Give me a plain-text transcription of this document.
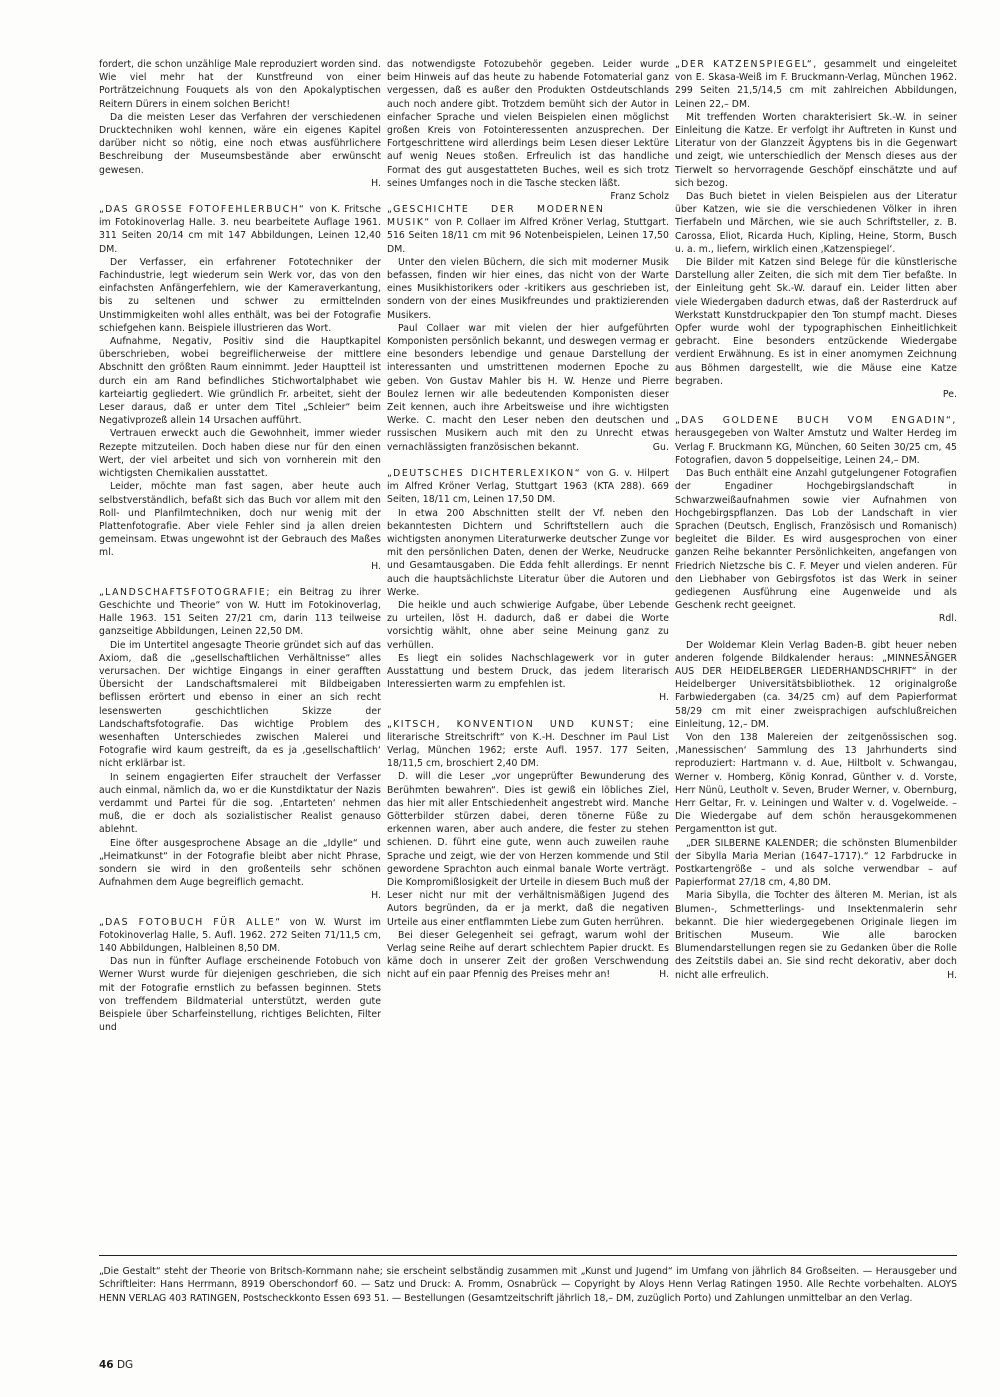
fordert, die schon unzählige Male reproduziert worden sind. Wie viel mehr hat der Kunstfreund von einer Porträtzeichnung Fouquets als von den Apokalyptischen Reitern Dürers in einem solchen Bericht!

Da die meisten Leser das Verfahren der verschiedenen Drucktechniken wohl kennen, wäre ein eigenes Kapitel darüber nicht so nötig, eine noch etwas ausführlichere Beschreibung der Museumsbestände aber erwünscht gewesen.
H.

„DAS GROSSE FOTOFEHLERBUCH“ von K. Fritsche im Fotokinoverlag Halle. 3. neu bearbeitete Auflage 1961. 311 Seiten 20/14 cm mit 147 Abbildungen, Leinen 12,40 DM.

Der Verfasser, ein erfahrener Fototechniker der Fachindustrie, legt wiederum sein Werk vor, das von den einfachsten Anfängerfehlern, wie der Kameraverkantung, bis zu seltenen und schwer zu ermittelnden Unstimmigkeiten wohl alles enthält, was bei der Fotografie schiefgehen kann. Beispiele illustrieren das Wort.

Aufnahme, Negativ, Positiv sind die Hauptkapitel überschrieben, wobei begreiflicherweise der mittlere Abschnitt den größten Raum einnimmt. Jeder Hauptteil ist durch ein am Rand befindliches Stichwortalphabet wie karteiartig gegliedert. Wie gründlich Fr. arbeitet, sieht der Leser daraus, daß er unter dem Titel „Schleier“ beim Negativprozeß allein 14 Ursachen aufführt.

Vertrauen erweckt auch die Gewohnheit, immer wieder Rezepte mitzuteilen. Doch haben diese nur für den einen Wert, der viel arbeitet und sich von vornherein mit den wichtigsten Chemikalien ausstattet.

Leider, möchte man fast sagen, aber heute auch selbstverständlich, befaßt sich das Buch vor allem mit den Roll- und Planfilmtechniken, doch nur wenig mit der Plattenfotografie. Aber viele Fehler sind ja allen dreien gemeinsam. Etwas ungewohnt ist der Gebrauch des Maßes ml.
H.

„LANDSCHAFTSFOTOGRAFIE; ein Beitrag zu ihrer Geschichte und Theorie“ von W. Hutt im Fotokinoverlag, Halle 1963. 151 Seiten 27/21 cm, darin 113 teilweise ganzseitige Abbildungen, Leinen 22,50 DM.

Die im Untertitel angesagte Theorie gründet sich auf das Axiom, daß die „gesellschaftlichen Verhältnisse“ alles verursachen. Der wichtige Eingangs in einer gerafften Übersicht der Landschaftsmalerei mit Bildbeigaben beflissen erörtert und ebenso in einer an sich recht lesenswerten geschichtlichen Skizze der Landschaftsfotografie. Das wichtige Problem des wesenhaften Unterschiedes zwischen Malerei und Fotografie wird kaum gestreift, da es ja ‚gesellschaftlich‘ nicht erklärbar ist.

In seinem engagierten Eifer strauchelt der Verfasser auch einmal, nämlich da, wo er die Kunstdiktatur der Nazis verdammt und Partei für die sog. ‚Entarteten‘ nehmen muß, die er doch als sozialistischer Realist genauso ablehnt.

Eine öfter ausgesprochene Absage an die „Idylle“ und „Heimatkunst“ in der Fotografie bleibt aber nicht Phrase, sondern sie wird in den großenteils sehr schönen Aufnahmen dem Auge begreiflich gemacht.
H.

„DAS FOTOBUCH FÜR ALLE“ von W. Wurst im Fotokinoverlag Halle, 5. Aufl. 1962. 272 Seiten 71/11,5 cm, 140 Abbildungen, Halbleinen 8,50 DM.

Das nun in fünfter Auflage erscheinende Fotobuch von Werner Wurst wurde für diejenigen geschrieben, die sich mit der Fotografie ernstlich zu befassen beginnen. Stets von treffendem Bildmaterial unterstützt, werden gute Beispiele über Scharfeinstellung, richtiges Belichten, Filter und

das notwendigste Fotozubehör gegeben. Leider wurde beim Hinweis auf das heute zu habende Fotomaterial ganz vergessen, daß es außer den Produkten Ostdeutschlands auch noch andere gibt. Trotzdem bemüht sich der Autor in einfacher Sprache und vielen Beispielen einen möglichst großen Kreis von Fotointeressenten anzusprechen. Der Fortgeschrittene wird allerdings beim Lesen dieser Lektüre auf wenig Neues stoßen. Erfreulich ist das handliche Format des gut ausgestatteten Buches, weil es sich trotz seines Umfanges noch in die Tasche stecken läßt.
Franz Scholz

„GESCHICHTE DER MODERNEN MUSIK“ von P. Collaer im Alfred Kröner Verlag, Stuttgart. 516 Seiten 18/11 cm mit 96 Notenbeispielen, Leinen 17,50 DM.

Unter den vielen Büchern, die sich mit moderner Musik befassen, finden wir hier eines, das nicht von der Warte eines Musikhistorikers oder -kritikers aus geschrieben ist, sondern von der eines Musikfreundes und praktizierenden Musikers.

Paul Collaer war mit vielen der hier aufgeführten Komponisten persönlich bekannt, und deswegen vermag er eine besonders lebendige und genaue Darstellung der interessanten und umstrittenen modernen Epoche zu geben. Von Gustav Mahler bis H. W. Henze und Pierre Boulez lernen wir alle bedeutenden Komponisten dieser Zeit kennen, auch ihre Arbeitsweise und ihre wichtigsten Werke. C. macht den Leser neben den deutschen und russischen Musikern auch mit den zu Unrecht etwas vernachlässigten französischen bekannt.	Gu.

„DEUTSCHES DICHTERLEXIKON“ von G. v. Hilpert im Alfred Kröner Verlag, Stuttgart 1963 (KTA 288). 669 Seiten, 18/11 cm, Leinen 17,50 DM.

In etwa 200 Abschnitten stellt der Vf. neben den bekanntesten Dichtern und Schriftstellern auch die wichtigsten anonymen Literaturwerke deutscher Zunge vor mit den persönlichen Daten, denen der Werke, Neudrucke und Gesamtausgaben. Die Edda fehlt allerdings. Er nennt auch die hauptsächlichste Literatur über die Autoren und Werke.

Die heikle und auch schwierige Aufgabe, über Lebende zu urteilen, löst H. dadurch, daß er dabei die Worte vorsichtig wählt, ohne aber seine Meinung ganz zu verhüllen.

Es liegt ein solides Nachschlagewerk vor in guter Ausstattung und bestem Druck, das jedem literarisch Interessierten warm zu empfehlen ist.
H.

„KITSCH, KONVENTION UND KUNST; eine literarische Streitschrift“ von K.-H. Deschner im Paul List Verlag, München 1962; erste Aufl. 1957. 177 Seiten, 18/11,5 cm, broschiert 2,40 DM.

D. will die Leser „vor ungeprüfter Bewunderung des Berühmten bewahren“. Dies ist gewiß ein löbliches Ziel, das hier mit aller Entschiedenheit angestrebt wird. Manche Götterbilder stürzen dabei, deren tönerne Füße zu erkennen waren, aber auch andere, die fester zu stehen schienen. D. führt eine gute, wenn auch zuweilen rauhe Sprache und zeigt, wie der von Herzen kommende und Stil gewordene Sprachton auch einmal banale Worte verträgt. Die Kompromißlosigkeit der Urteile in diesem Buch muß der Leser nicht nur mit der verhältnismäßigen Jugend des Autors begründen, da er ja merkt, daß die negativen Urteile aus einer entflammten Liebe zum Guten herrühren.

Bei dieser Gelegenheit sei gefragt, warum wohl der Verlag seine Reihe auf derart schlechtem Papier druckt. Es käme doch in unserer Zeit der großen Verschwendung nicht auf ein paar Pfennig des Preises mehr an!	H.

„DER KATZENSPIEGEL“, gesammelt und eingeleitet von E. Skasa-Weiß im F. Bruckmann-Verlag, München 1962. 299 Seiten 21,5/14,5 cm mit zahlreichen Abbildungen, Leinen 22,– DM.

Mit treffenden Worten charakterisiert Sk.-W. in seiner Einleitung die Katze. Er verfolgt ihr Auftreten in Kunst und Literatur von der Glanzzeit Ägyptens bis in die Gegenwart und zeigt, wie unterschiedlich der Mensch dieses aus der Tierwelt so hervorragende Geschöpf einschätzte und auf sich bezog.

Das Buch bietet in vielen Beispielen aus der Literatur über Katzen, wie sie die verschiedenen Völker in ihren Tierfabeln und Märchen, wie sie auch Schriftsteller, z. B. Carossa, Eliot, Ricarda Huch, Kipling, Heine, Storm, Busch u. a. m., liefern, wirklich einen ‚Katzenspiegel‘.

Die Bilder mit Katzen sind Belege für die künstlerische Darstellung aller Zeiten, die sich mit dem Tier befaßte. In der Einleitung geht Sk.-W. darauf ein. Leider litten aber viele Wiedergaben dadurch etwas, daß der Rasterdruck auf Werkstatt Kunstdruckpapier den Ton stumpf macht. Dieses Opfer wurde wohl der typographischen Einheitlichkeit gebracht. Eine besonders entzückende Wiedergabe verdient Erwähnung. Es ist in einer anomymen Zeichnung aus Böhmen dargestellt, wie die Mäuse eine Katze begraben.
Pe.

„DAS GOLDENE BUCH VOM ENGADIN“, herausgegeben von Walter Amstutz und Walter Herdeg im Verlag F. Bruckmann KG, München, 60 Seiten 30/25 cm, 45 Fotografien, davon 5 doppelseitige, Leinen 24,– DM.

Das Buch enthält eine Anzahl gutgelungener Fotografien der Engadiner Hochgebirgslandschaft in Schwarzweißaufnahmen sowie vier Aufnahmen von Hochgebirgspflanzen. Das Lob der Landschaft in vier Sprachen (Deutsch, Englisch, Französisch und Romanisch) begleitet die Bilder. Es wird ausgesprochen von einer ganzen Reihe bekannter Persönlichkeiten, angefangen von Friedrich Nietzsche bis C. F. Meyer und vielen anderen. Für den Liebhaber von Gebirgsfotos ist das Werk in seiner gediegenen Ausführung eine Augenweide und als Geschenk recht geeignet.
Rdl.

Der Woldemar Klein Verlag Baden-B. gibt heuer neben anderen folgende Bildkalender heraus: „MINNESÄNGER AUS DER HEIDELBERGER LIEDERHANDSCHRIFT“ in der Heidelberger Universitätsbibliothek. 12 originalgroße Farbwiedergaben (ca. 34/25 cm) auf dem Papierformat 58/29 cm mit einer zweisprachigen aufschlußreichen Einleitung, 12,– DM.

Von den 138 Malereien der zeitgenössischen sog. ‚Manessischen‘ Sammlung des 13 Jahrhunderts sind reproduziert: Hartmann v. d. Aue, Hiltbolt v. Schwangau, Werner v. Homberg, König Konrad, Günther v. d. Vorste, Herr Nünü, Leutholt v. Seven, Bruder Werner, v. Obernburg, Herr Geltar, Fr. v. Leiningen und Walter v. d. Vogelweide. – Die Wiedergabe auf dem schön herausgekommenen Pergamentton ist gut.

„DER SILBERNE KALENDER; die schönsten Blumenbilder der Sibylla Maria Merian (1647–1717).“ 12 Farbdrucke in Postkartengröße – und als solche verwendbar – auf Papierformat 27/18 cm, 4,80 DM.

Maria Sibylla, die Tochter des älteren M. Merian, ist als Blumen-, Schmetterlings- und Insektenmalerin sehr bekannt. Die hier wiedergegebenen Originale liegen im Britischen Museum. Wie alle barocken Blumendarstellungen regen sie zu Gedanken über die Rolle des Zeitstils dabei an. Sie sind recht dekorativ, aber doch nicht alle erfreulich.	H.

„Die Gestalt“ steht der Theorie von Britsch-Kornmann nahe; sie erscheint selbständig zusammen mit „Kunst und Jugend“ im Umfang von jährlich 84 Großseiten. — Herausgeber und Schriftleiter: Hans Herrmann, 8919 Oberschondorf 60. — Satz und Druck: A. Fromm, Osnabrück — Copyright by Aloys Henn Verlag Ratingen 1950. Alle Rechte vorbehalten. ALOYS HENN VERLAG 403 RATINGEN, Postscheckkonto Essen 693 51. — Bestellungen (Gesamtzeitschrift jährlich 18,– DM, zuzüglich Porto) und Zahlungen unmittelbar an den Verlag.

46 DG
